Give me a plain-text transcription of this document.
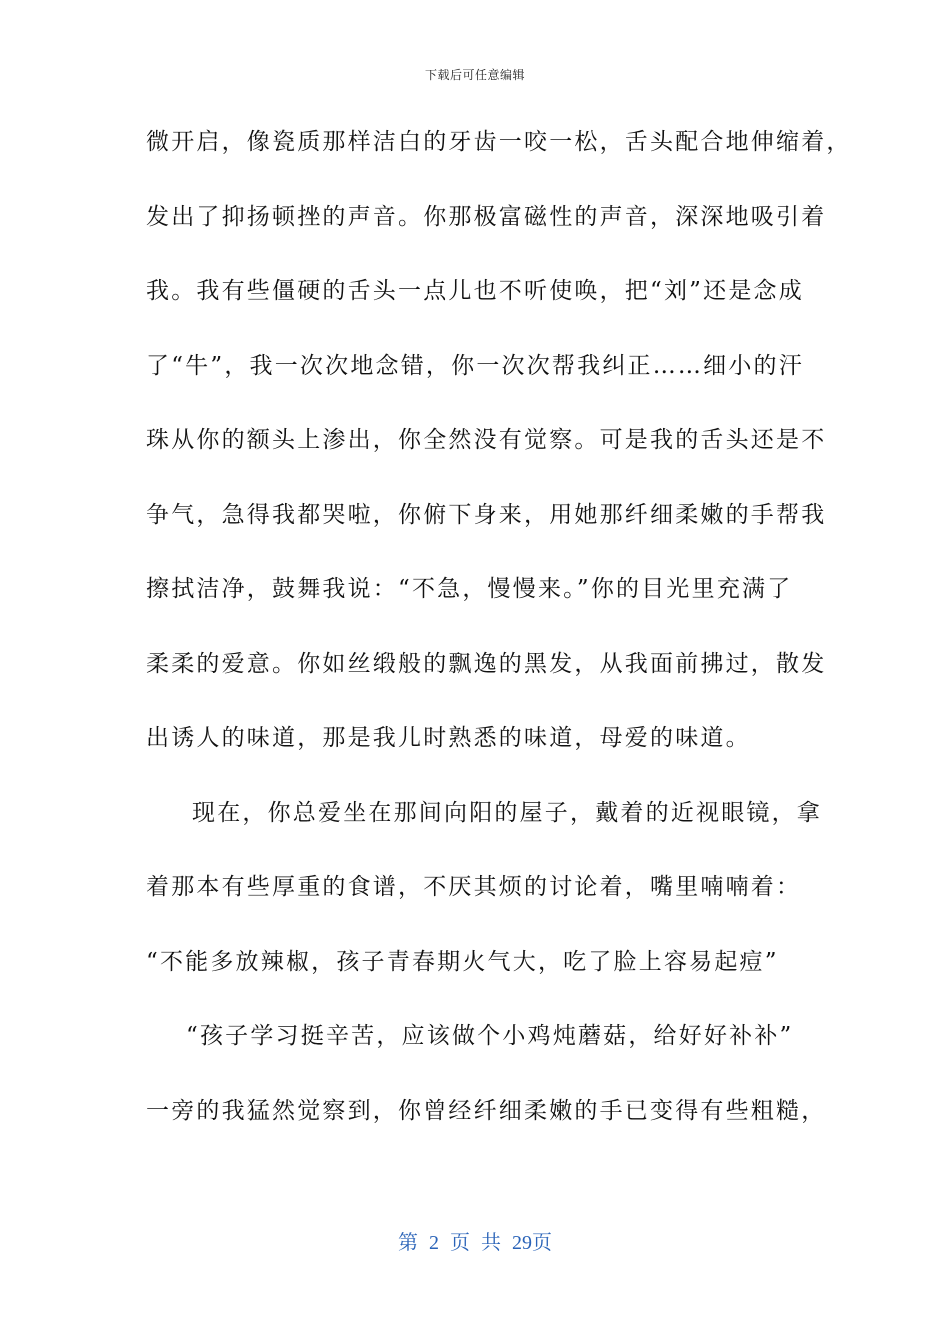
下载后可任意编辑
微开启，像瓷质那样洁白的牙齿一咬一松，舌头配合地伸缩着，
发出了抑扬顿挫的声音。你那极富磁性的声音，深深地吸引着
我。我有些僵硬的舌头一点儿也不听使唤，把“刘”还是念成
了“牛”，我一次次地念错，你一次次帮我纠正……细小的汗
珠从你的额头上渗出，你全然没有觉察。可是我的舌头还是不
争气，急得我都哭啦，你俯下身来，用她那纤细柔嫩的手帮我
擦拭洁净，鼓舞我说：“不急，慢慢来。”你的目光里充满了
柔柔的爱意。你如丝缎般的飘逸的黑发，从我面前拂过，散发
出诱人的味道，那是我儿时熟悉的味道，母爱的味道。
现在，你总爱坐在那间向阳的屋子，戴着的近视眼镜，拿
着那本有些厚重的食谱，不厌其烦的讨论着，嘴里喃喃着：
“不能多放辣椒，孩子青春期火气大，吃了脸上容易起痘”
“孩子学习挺辛苦，应该做个小鸡炖蘑菇，给好好补补”
一旁的我猛然觉察到，你曾经纤细柔嫩的手已变得有些粗糙，
第 2 页 共 29页
